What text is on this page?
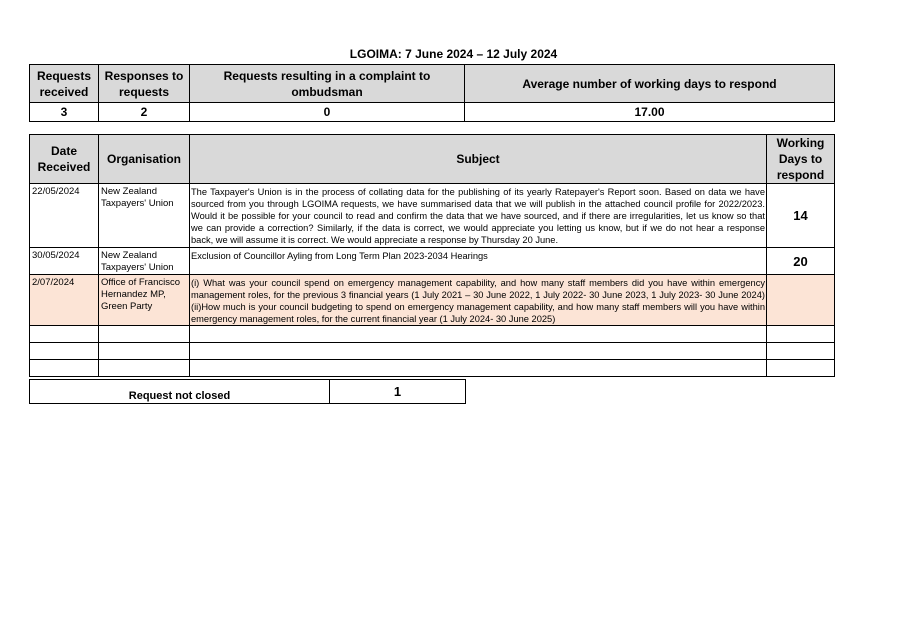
LGOIMA: 7 June 2024 – 12 July 2024
Requests received	Responses to requests	Requests resulting in a complaint to ombudsman	Average number of working days to respond
3	2	0	17.00
Date Received	Organisation	Subject	Working Days to respond
22/05/2024	New Zealand Taxpayers' Union	The Taxpayer's Union is in the process of collating data for the publishing of its yearly Ratepayer's Report soon. Based on data we have sourced from you through LGOIMA requests, we have summarised data that we will publish in the attached council profile for 2022/2023. Would it be possible for your council to read and confirm the data that we have sourced, and if there are irregularities, let us know so that we can provide a correction? Similarly, if the data is correct, we would appreciate you letting us know, but if we do not hear a response back, we will assume it is correct. We would appreciate a response by Thursday 20 June.	14
30/05/2024	New Zealand Taxpayers' Union	Exclusion of Councillor Ayling from Long Term Plan 2023-2034 Hearings	20
2/07/2024	Office of Francisco Hernandez MP, Green Party	(i) What was your council spend on emergency management capability, and how many staff members did you have within emergency management roles, for the previous 3 financial years (1 July 2021 – 30 June 2022, 1 July 2022- 30 June 2023, 1 July 2023- 30 June 2024) (ii)How much is your council budgeting to spend on emergency management capability, and how many staff members will you have within emergency management roles, for the current financial year (1 July 2024- 30 June 2025)	

Request not closed	1
